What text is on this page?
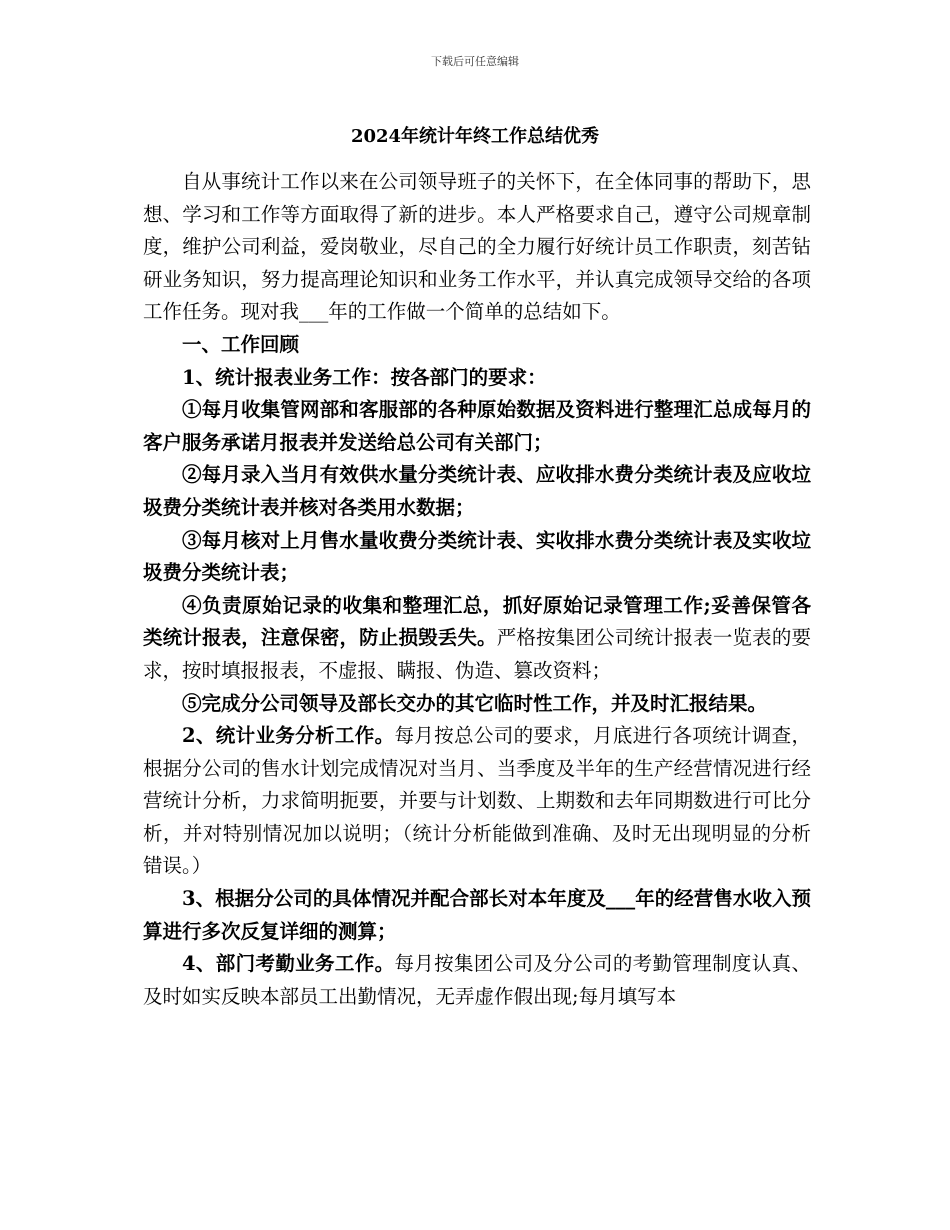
下载后可任意编辑
2024年统计年终工作总结优秀

自从事统计工作以来在公司领导班子的关怀下，在全体同事的帮助下，思想、学习和工作等方面取得了新的进步。本人严格要求自己，遵守公司规章制度，维护公司利益，爱岗敬业，尽自己的全力履行好统计员工作职责，刻苦钻研业务知识，努力提高理论知识和业务工作水平，并认真完成领导交给的各项工作任务。现对我___年的工作做一个简单的总结如下。

一、工作回顾

1、统计报表业务工作：按各部门的要求：

①每月收集管网部和客服部的各种原始数据及资料进行整理汇总成每月的客户服务承诺月报表并发送给总公司有关部门；

②每月录入当月有效供水量分类统计表、应收排水费分类统计表及应收垃圾费分类统计表并核对各类用水数据；

③每月核对上月售水量收费分类统计表、实收排水费分类统计表及实收垃圾费分类统计表；

④负责原始记录的收集和整理汇总，抓好原始记录管理工作;妥善保管各类统计报表，注意保密，防止损毁丢失。严格按集团公司统计报表一览表的要求，按时填报报表，不虚报、瞒报、伪造、篡改资料；

⑤完成分公司领导及部长交办的其它临时性工作，并及时汇报结果。

2、统计业务分析工作。每月按总公司的要求，月底进行各项统计调查，根据分公司的售水计划完成情况对当月、当季度及半年的生产经营情况进行经营统计分析，力求简明扼要，并要与计划数、上期数和去年同期数进行可比分析，并对特别情况加以说明；（统计分析能做到准确、及时无出现明显的分析错误。）

3、根据分公司的具体情况并配合部长对本年度及___年的经营售水收入预算进行多次反复详细的测算；

4、部门考勤业务工作。每月按集团公司及分公司的考勤管理制度认真、及时如实反映本部员工出勤情况，无弄虚作假出现;每月填写本
